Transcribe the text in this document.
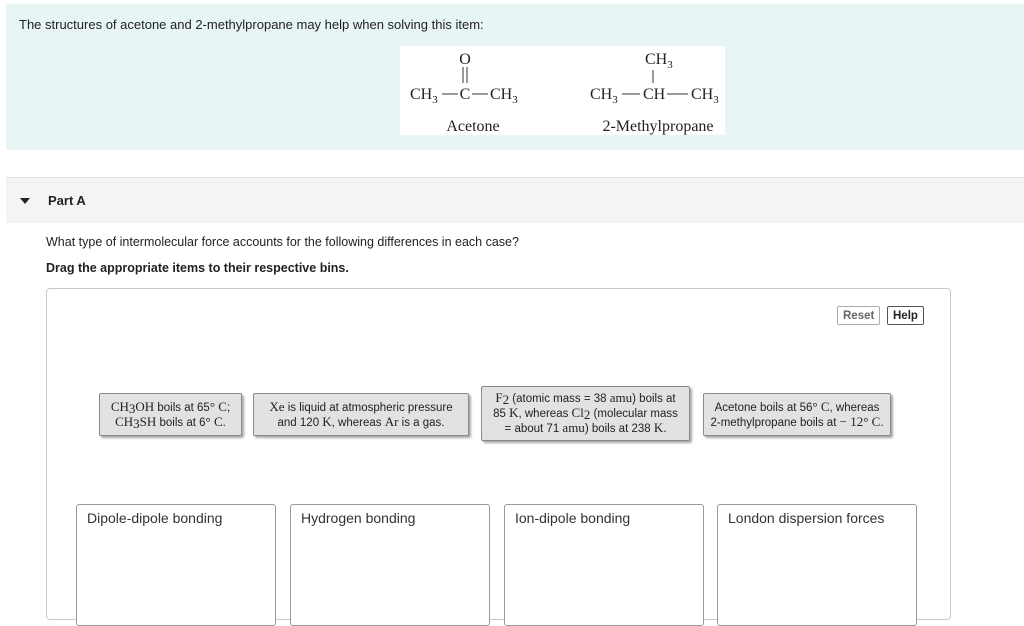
The structures of acetone and 2-methylpropane may help when solving this item:
O
$CH_3$ C $CH_3$
Acetone
$CH_3$
$CH_3$ CH $CH_3$
2-Methylpropane
Part A
What type of intermolecular force accounts for the following differences in each case?
Drag the appropriate items to their respective bins.
Reset	Help
$CH_3OH$ boils at 65° C;
$CH_3SH$ boils at 6° C.
Xe is liquid at atmospheric pressure
and 120 K, whereas Ar is a gas.
$F_2$ (atomic mass = 38 amu) boils at
85 K, whereas $Cl_2$ (molecular mass
= about 71 amu) boils at 238 K.
Acetone boils at 56° C, whereas
2-methylpropane boils at − 12° C.
Dipole-dipole bonding	Hydrogen bonding	Ion-dipole bonding	London dispersion forces
